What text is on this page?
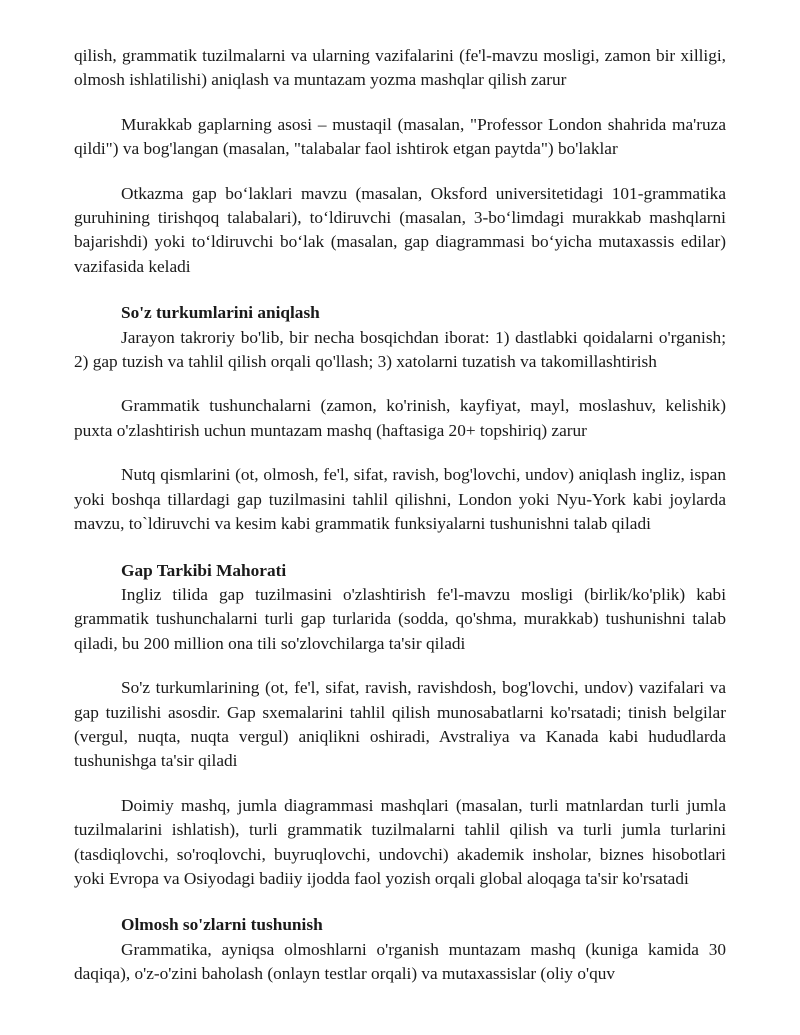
qilish, grammatik tuzilmalarni va ularning vazifalarini (fe'l-mavzu mosligi, zamon bir xilligi, olmosh ishlatilishi) aniqlash va muntazam yozma mashqlar qilish zarur

Murakkab gaplarning asosi – mustaqil (masalan, "Professor London shahrida ma'ruza qildi") va bog'langan (masalan, "talabalar faol ishtirok etgan paytda") bo'laklar

Otkazma gap bo‘laklari mavzu (masalan, Oksford universitetidagi 101-grammatika guruhining tirishqoq talabalari), to‘ldiruvchi (masalan, 3-bo‘limdagi murakkab mashqlarni bajarishdi) yoki to‘ldiruvchi bo‘lak (masalan, gap diagrammasi bo‘yicha mutaxassis edilar) vazifasida keladi

So'z turkumlarini aniqlash

Jarayon takroriy bo'lib, bir necha bosqichdan iborat: 1) dastlabki qoidalarni o'rganish; 2) gap tuzish va tahlil qilish orqali qo'llash; 3) xatolarni tuzatish va takomillashtirish

Grammatik tushunchalarni (zamon, ko'rinish, kayfiyat, mayl, moslashuv, kelishik) puxta o'zlashtirish uchun muntazam mashq (haftasiga 20+ topshiriq) zarur

Nutq qismlarini (ot, olmosh, fe'l, sifat, ravish, bog'lovchi, undov) aniqlash ingliz, ispan yoki boshqa tillardagi gap tuzilmasini tahlil qilishni, London yoki Nyu-York kabi joylarda mavzu, to`ldiruvchi va kesim kabi grammatik funksiyalarni tushunishni talab qiladi

Gap Tarkibi Mahorati

Ingliz tilida gap tuzilmasini o'zlashtirish fe'l-mavzu mosligi (birlik/ko'plik) kabi grammatik tushunchalarni turli gap turlarida (sodda, qo'shma, murakkab) tushunishni talab qiladi, bu 200 million ona tili so'zlovchilarga ta'sir qiladi

So'z turkumlarining (ot, fe'l, sifat, ravish, ravishdosh, bog'lovchi, undov) vazifalari va gap tuzilishi asosdir. Gap sxemalarini tahlil qilish munosabatlarni ko'rsatadi; tinish belgilar (vergul, nuqta, nuqta vergul) aniqlikni oshiradi, Avstraliya va Kanada kabi hududlarda tushunishga ta'sir qiladi

Doimiy mashq, jumla diagrammasi mashqlari (masalan, turli matnlardan turli jumla tuzilmalarini ishlatish), turli grammatik tuzilmalarni tahlil qilish va turli jumla turlarini (tasdiqlovchi, so'roqlovchi, buyruqlovchi, undovchi) akademik insholar, biznes hisobotlari yoki Evropa va Osiyodagi badiiy ijodda faol yozish orqali global aloqaga ta'sir ko'rsatadi

Olmosh so'zlarni tushunish

Grammatika, ayniqsa olmoshlarni o'rganish muntazam mashq (kuniga kamida 30 daqiqa), o'z-o'zini baholash (onlayn testlar orqali) va mutaxassislar (oliy o'quv
